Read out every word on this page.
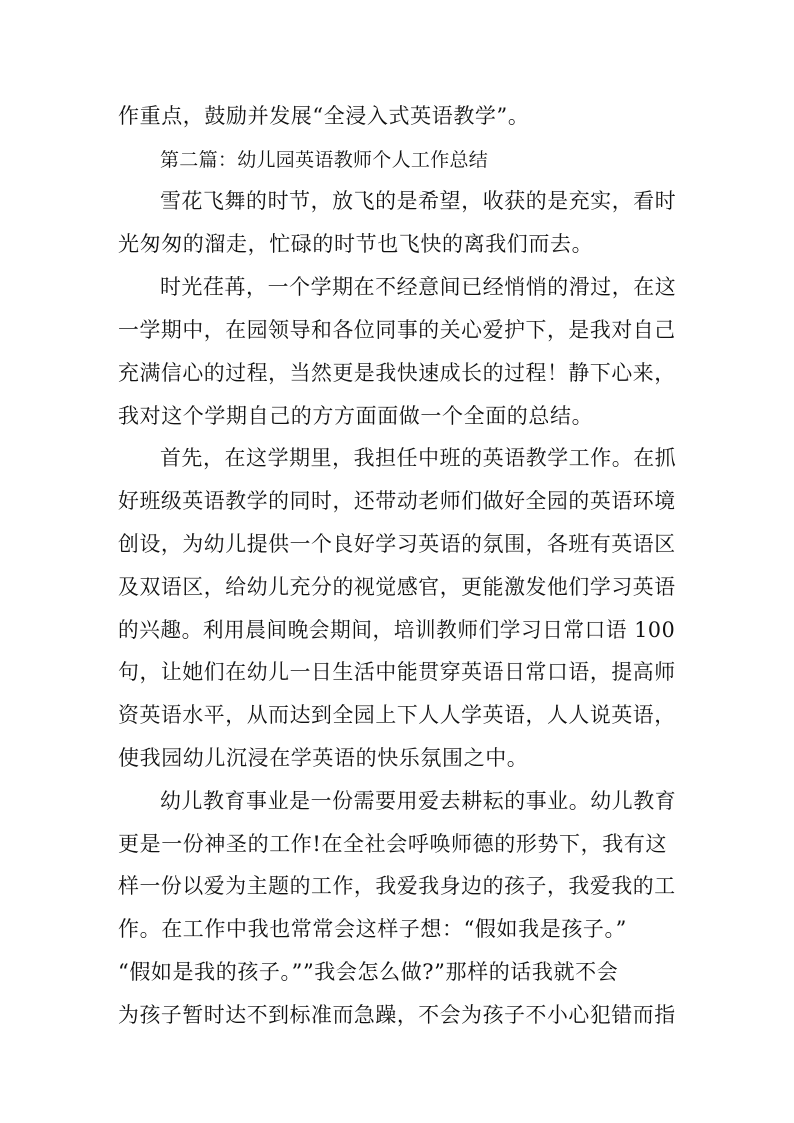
作重点，鼓励并发展“全浸入式英语教学”。
第二篇：幼儿园英语教师个人工作总结
雪花飞舞的时节，放飞的是希望，收获的是充实，看时
光匆匆的溜走，忙碌的时节也飞快的离我们而去。
时光荏苒，一个学期在不经意间已经悄悄的滑过，在这
一学期中，在园领导和各位同事的关心爱护下，是我对自己
充满信心的过程，当然更是我快速成长的过程！静下心来，
我对这个学期自己的方方面面做一个全面的总结。
首先，在这学期里，我担任中班的英语教学工作。在抓
好班级英语教学的同时，还带动老师们做好全园的英语环境
创设，为幼儿提供一个良好学习英语的氛围，各班有英语区
及双语区，给幼儿充分的视觉感官，更能激发他们学习英语
的兴趣。利用晨间晚会期间，培训教师们学习日常口语 100
句，让她们在幼儿一日生活中能贯穿英语日常口语，提高师
资英语水平，从而达到全园上下人人学英语，人人说英语，
使我园幼儿沉浸在学英语的快乐氛围之中。
幼儿教育事业是一份需要用爱去耕耘的事业。幼儿教育
更是一份神圣的工作!在全社会呼唤师德的形势下，我有这
样一份以爱为主题的工作，我爱我身边的孩子，我爱我的工
作。在工作中我也常常会这样子想：“假如我是孩子。”
“假如是我的孩子。””我会怎么做?”那样的话我就不会
为孩子暂时达不到标准而急躁，不会为孩子不小心犯错而指
